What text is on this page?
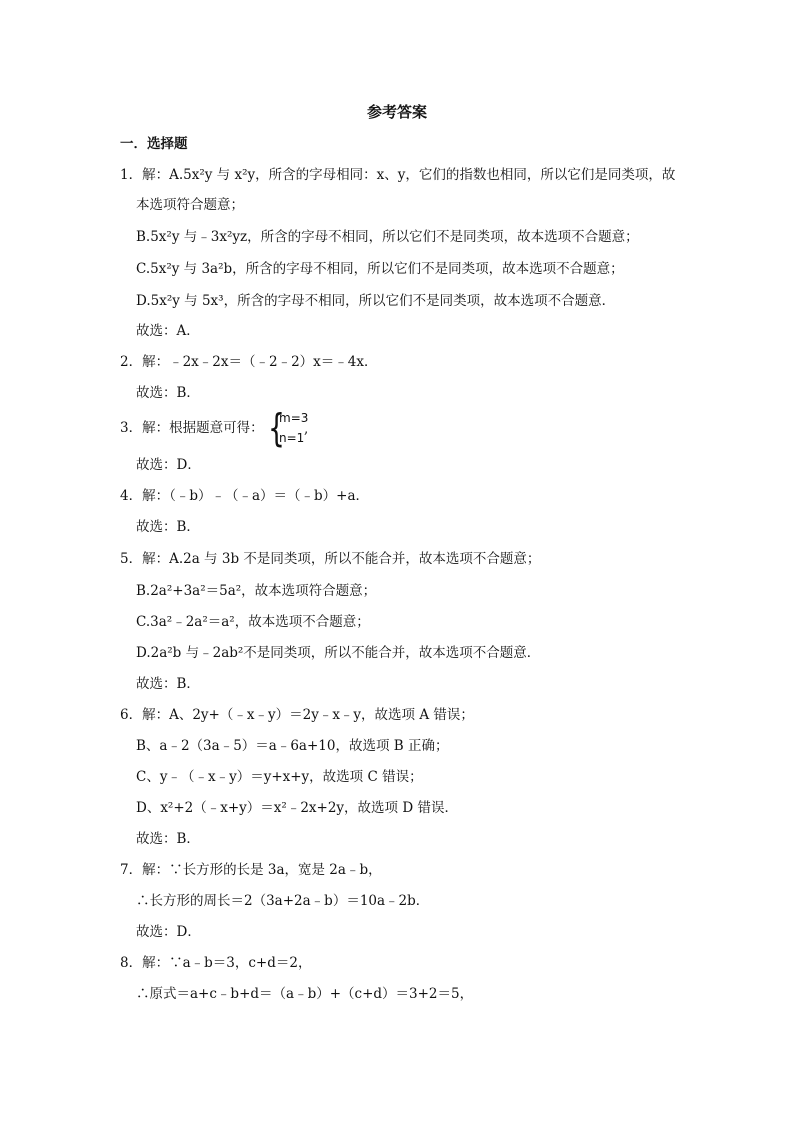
参考答案
一．选择题
1．解：A.5x²y 与 x²y，所含的字母相同：x、y，它们的指数也相同，所以它们是同类项，故
本选项符合题意；
B.5x²y 与﹣3x²yz，所含的字母不相同，所以它们不是同类项，故本选项不合题意；
C.5x²y 与 3a²b，所含的字母不相同，所以它们不是同类项，故本选项不合题意；
D.5x²y 与 5x³，所含的字母不相同，所以它们不是同类项，故本选项不合题意．
故选：A．
2．解：﹣2x﹣2x＝（﹣2﹣2）x＝﹣4x．
故选：B．
3．解：根据题意可得： {
m=3
n=1
,
故选：D．
4．解：（﹣b）﹣（﹣a）＝（﹣b）+a．
故选：B．
5．解：A.2a 与 3b 不是同类项，所以不能合并，故本选项不合题意；
B.2a²+3a²＝5a²，故本选项符合题意；
C.3a²﹣2a²＝a²，故本选项不合题意；
D.2a²b 与﹣2ab²不是同类项，所以不能合并，故本选项不合题意．
故选：B．
6．解：A、2y+（﹣x﹣y）＝2y﹣x﹣y，故选项 A 错误；
B、a﹣2（3a﹣5）＝a﹣6a+10，故选项 B 正确；
C、y﹣（﹣x﹣y）＝y+x+y，故选项 C 错误；
D、x²+2（﹣x+y）＝x²﹣2x+2y，故选项 D 错误．
故选：B．
7．解：∵长方形的长是 3a，宽是 2a﹣b，
∴长方形的周长＝2（3a+2a﹣b）＝10a﹣2b．
故选：D．
8．解：∵a﹣b＝3，c+d＝2，
∴原式＝a+c﹣b+d＝（a﹣b）+（c+d）＝3+2＝5，
